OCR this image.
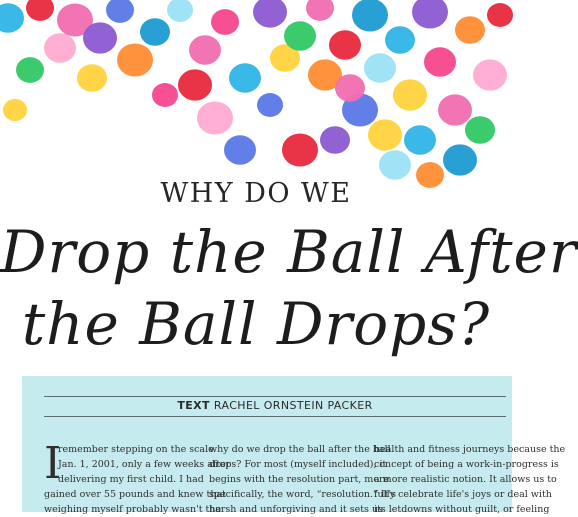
WHY DO WE
Drop the Ball After
the Ball Drops?
TEXT RACHEL ORNSTEIN PACKER
I
remember stepping on the scale
Jan. 1, 2001, only a few weeks after
delivering my first child. I had
gained over 55 pounds and knew that
weighing myself probably wasn't the
why do we drop the ball after the ball
drops? For most (myself included), it
begins with the resolution part, more
specifically, the word, “resolution.” It's
harsh and unforgiving and it sets us
health and fitness journeys because the
concept of being a work-in-progress is
a more realistic notion. It allows us to
fully celebrate life's joys or deal with
its letdowns without guilt, or feeling
